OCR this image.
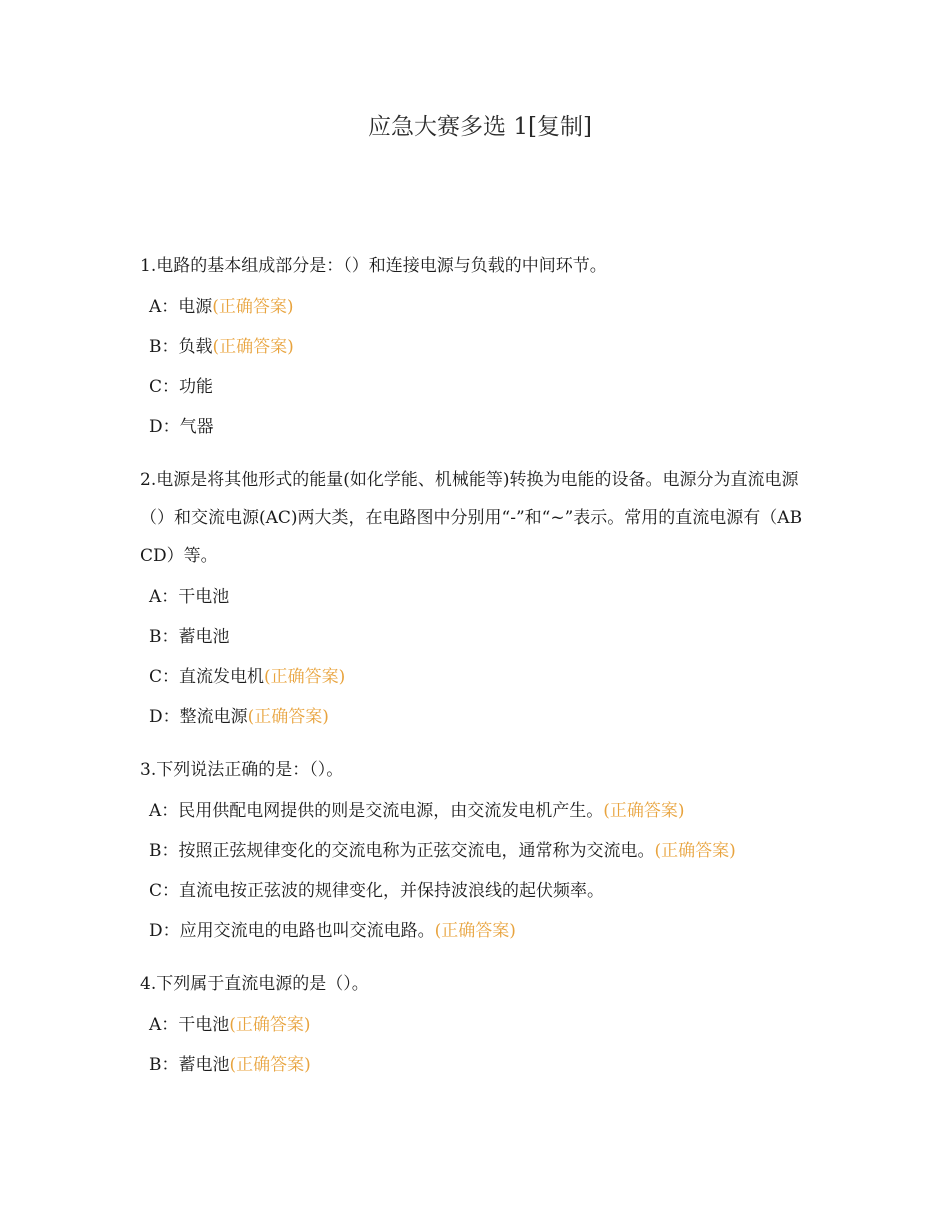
应急大赛多选 1[复制]
1.电路的基本组成部分是：（）和连接电源与负载的中间环节。
A：电源(正确答案)
B：负载(正确答案)
C：功能
D：气器
2.电源是将其他形式的能量(如化学能、机械能等)转换为电能的设备。电源分为直流电源（）和交流电源(AC)两大类，在电路图中分别用“-”和“~”表示。常用的直流电源有（ABCD）等。
A：干电池
B：蓄电池
C：直流发电机(正确答案)
D：整流电源(正确答案)
3.下列说法正确的是：（）。
A：民用供配电网提供的则是交流电源，由交流发电机产生。(正确答案)
B：按照正弦规律变化的交流电称为正弦交流电，通常称为交流电。(正确答案)
C：直流电按正弦波的规律变化，并保持波浪线的起伏频率。
D：应用交流电的电路也叫交流电路。(正确答案)
4.下列属于直流电源的是（）。
A：干电池(正确答案)
B：蓄电池(正确答案)
